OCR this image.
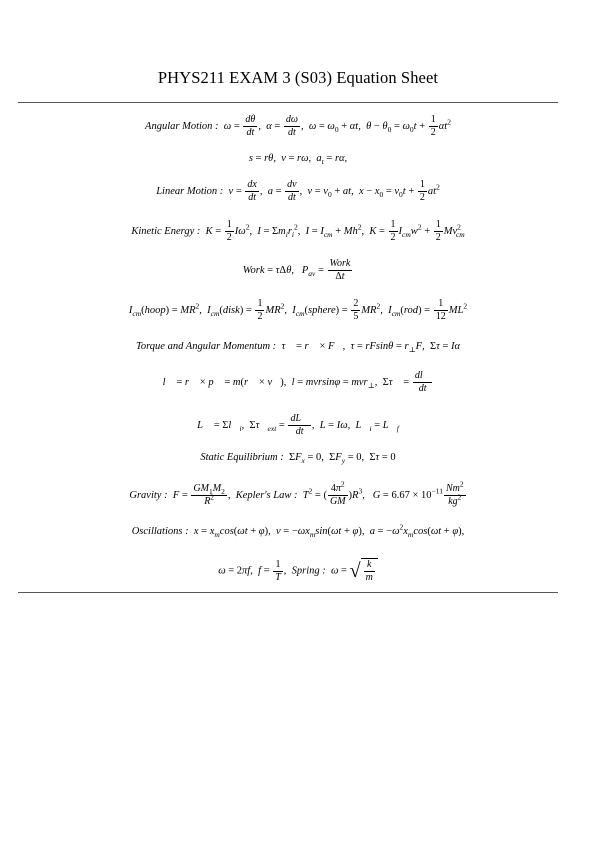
PHYS211 EXAM 3 (S03) Equation Sheet
Angular Motion : $\omega = \frac{d\theta}{dt}$ ,  $\alpha = \frac{d\omega}{dt}$ ,  $\omega = \omega_0 + \alpha t$,  $\theta - \theta_0 = \omega_0t + \frac{1}{2} \alpha t^2$
s = rθ,  v = rω,  $a_t = r\alpha$,
Linear Motion : $v = \frac{dx}{dt}$ ,  $a = \frac{dv}{dt}$ ,  $v = v_0$ + at,  $x - x_0 = v_0t + \frac{1}{2} at^2$
Kinetic Energy : $K = \frac{1}{2} I\omega^2$,  $I = \Sigma m_ir_i^2$,  $I = I_{cm} + Mh^2$,  $K = \frac{1}{2} I_{cm}w^2 + \frac{1}{2} Mv^2_{cm}$
Work = τΔθ,   $P_{av} = \frac{\text{Work}}{\Delta t}$
$I_{cm}(hoop) = MR^2$,  $I_{cm}(disk) = \frac{1}{2} MR^2$,  $I_{cm}(sphere) = \frac{2}{5} MR^2$,  $I_{cm}(rod) = \frac{1}{12} ML^2$
Torque and Angular Momentum : τ⃗ = r⃗ × F⃗,  $\tau = rFsin\theta = r_\perp F$,  Στ = Iα
l⃗ = r⃗ × p⃗ = m(r⃗ × v⃗),  l = mvrsinφ = mvr$_\perp$,  Στ⃗ = $\frac{dl⃗}{dt}$
L⃗ = $\Sigma l⃗_i$,  $\Sigma\tau⃗_{ext} = \frac{dL⃗}{dt}$ ,  L = Iω,  $L⃗_i$ = $L⃗_f$
Static Equilibrium :  $\Sigma F_x = 0$,  $\Sigma F_y = 0$,  Στ = 0
Gravity : $F = \frac{GM_1M_2}{R^2}$ ,  Kepler's Law : $T^2$ = ( $\frac{4\pi^2}{GM} )R^3$,   $G = 6.67 \times 10^{-11} \frac{Nm^2}{kg^2}$
Oscillations : $x = x_m\cos(\omega t + \varphi)$,  $v = -\omega x_m\sin(\omega t + \varphi)$,  $a = -\omega^2x_m\cos(\omega t + \varphi)$,
ω = 2πf,  $f = \frac{1}{T}$ ,  Spring : ω = √ $\frac{k}{m}$
